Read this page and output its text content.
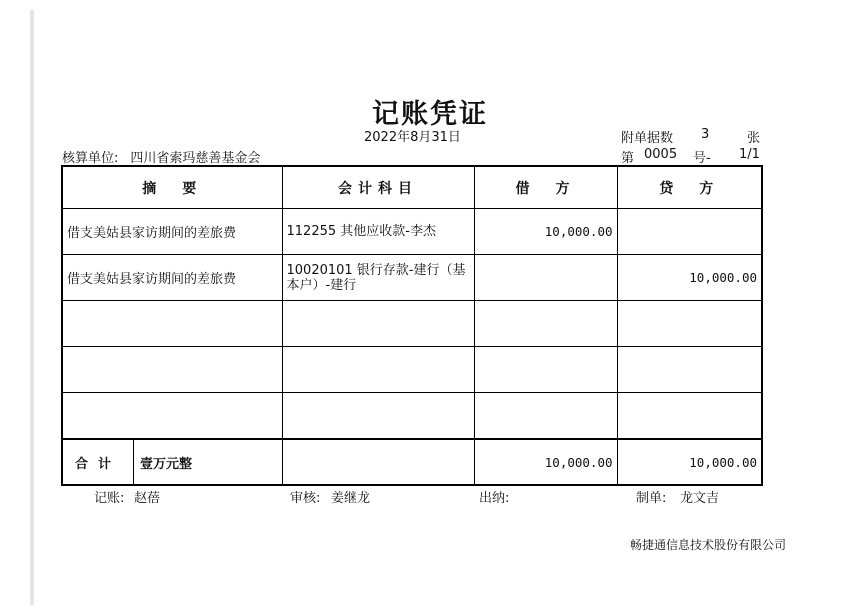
记账凭证
2022年8月31日
核算单位: 四川省索玛慈善基金会
附单据数 3	张
第 0005 号- 1/1
摘　要	会计科目	借　方	贷　方
借支美姑县家访期间的差旅费	112255 其他应收款-李杰	10,000.00	
借支美姑县家访期间的差旅费	10020101 银行存款-建行（基本户）-建行		10,000.00

合计 壹万元整		10,000.00	10,000.00
记账: 赵蓓	审核: 姜继龙	出纳:	制单: 龙文吉
畅捷通信息技术股份有限公司
